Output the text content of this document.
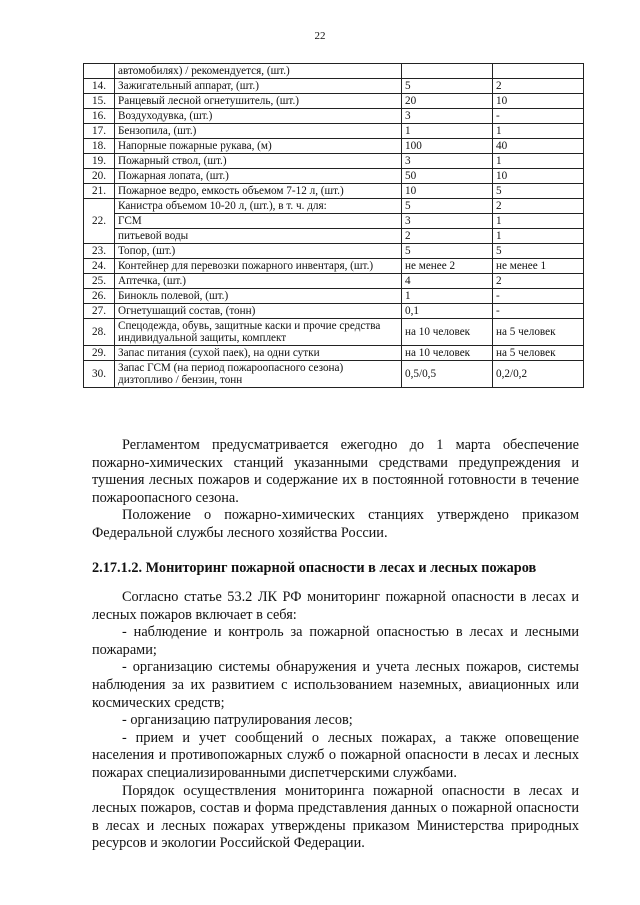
22
	автомобилях) / рекомендуется, (шт.)		
14.	Зажигательный аппарат, (шт.)	5	2
15.	Ранцевый лесной огнетушитель, (шт.)	20	10
16.	Воздуходувка, (шт.)	3	-
17.	Бензопила, (шт.)	1	1
18.	Напорные пожарные рукава, (м)	100	40
19.	Пожарный ствол, (шт.)	3	1
20.	Пожарная лопата, (шт.)	50	10
21.	Пожарное ведро, емкость объемом 7-12 л, (шт.)	10	5
22.	Канистра объемом 10-20 л, (шт.), в т. ч. для:	5	2
	ГСМ	3	1
	питьевой воды	2	1
23.	Топор, (шт.)	5	5
24.	Контейнер для перевозки пожарного инвентаря, (шт.)	не менее 2	не менее 1
25.	Аптечка, (шт.)	4	2
26.	Бинокль полевой, (шт.)	1	-
27.	Огнетушащий состав, (тонн)	0,1	-
28.	Спецодежда, обувь, защитные каски и прочие средства индивидуальной защиты, комплект	на 10 человек	на 5 человек
29.	Запас питания (сухой паек), на одни сутки	на 10 человек	на 5 человек
30.	Запас ГСМ (на период пожароопасного сезона) дизтопливо / бензин, тонн	0,5/0,5	0,2/0,2

Регламентом предусматривается ежегодно до 1 марта обеспечение пожарно-химических станций указанными средствами предупреждения и тушения лесных пожаров и содержание их в постоянной готовности в течение пожароопасного сезона.

Положение о пожарно-химических станциях утверждено приказом Федеральной службы лесного хозяйства России.

2.17.1.2. Мониторинг пожарной опасности в лесах и лесных пожаров

Согласно статье 53.2 ЛК РФ мониторинг пожарной опасности в лесах и лесных пожаров включает в себя:

- наблюдение и контроль за пожарной опасностью в лесах и лесными пожарами;

- организацию системы обнаружения и учета лесных пожаров, системы наблюдения за их развитием с использованием наземных, авиационных или космических средств;

- организацию патрулирования лесов;

- прием и учет сообщений о лесных пожарах, а также оповещение населения и противопожарных служб о пожарной опасности в лесах и лесных пожарах специализированными диспетчерскими службами.

Порядок осуществления мониторинга пожарной опасности в лесах и лесных пожаров, состав и форма представления данных о пожарной опасности в лесах и лесных пожарах утверждены приказом Министерства природных ресурсов и экологии Российской Федерации.
